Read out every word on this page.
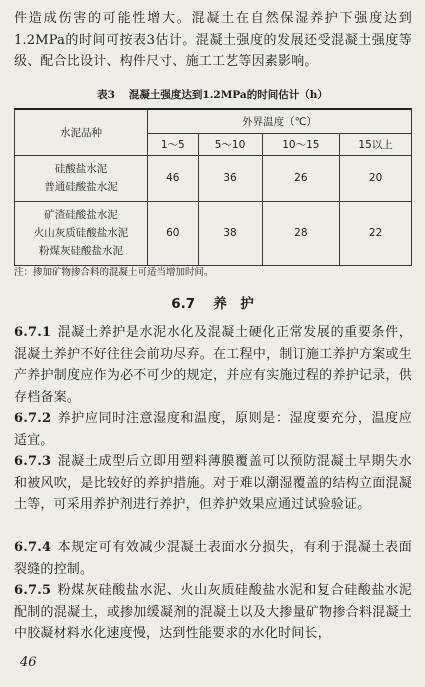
件造成伤害的可能性增大。混凝土在自然保湿养护下强度达到1.2MPa的时间可按表3估计。混凝土强度的发展还受混凝土强度等级、配合比设计、构件尺寸、施工工艺等因素影响。
表3 混凝土强度达到1.2MPa的时间估计（h）
水泥品种	外界温度（℃）			
	1～5	5～10	10～15	15以上

硅酸盐水泥
普通硅酸盐水泥	46	36	26	20

矿渣硅酸盐水泥
火山灰质硅酸盐水泥
粉煤灰硅酸盐水泥	60	38	28	22
注：掺加矿物掺合料的混凝土可适当增加时间。
6.7 养　护
6.7.1 混凝土养护是水泥水化及混凝土硬化正常发展的重要条件，混凝土养护不好往往会前功尽弃。在工程中，制订施工养护方案或生产养护制度应作为必不可少的规定，并应有实施过程的养护记录，供存档备案。
6.7.2 养护应同时注意湿度和温度，原则是：湿度要充分，温度应适宜。
6.7.3 混凝土成型后立即用塑料薄膜覆盖可以预防混凝土早期失水和被风吹，是比较好的养护措施。对于难以潮湿覆盖的结构立面混凝土等，可采用养护剂进行养护，但养护效果应通过试验验证。
6.7.4 本规定可有效减少混凝土表面水分损失，有利于混凝土表面裂缝的控制。
6.7.5 粉煤灰硅酸盐水泥、火山灰质硅酸盐水泥和复合硅酸盐水泥配制的混凝土，或掺加缓凝剂的混凝土以及大掺量矿物掺合料混凝土中胶凝材料水化速度慢，达到性能要求的水化时间长，
46
